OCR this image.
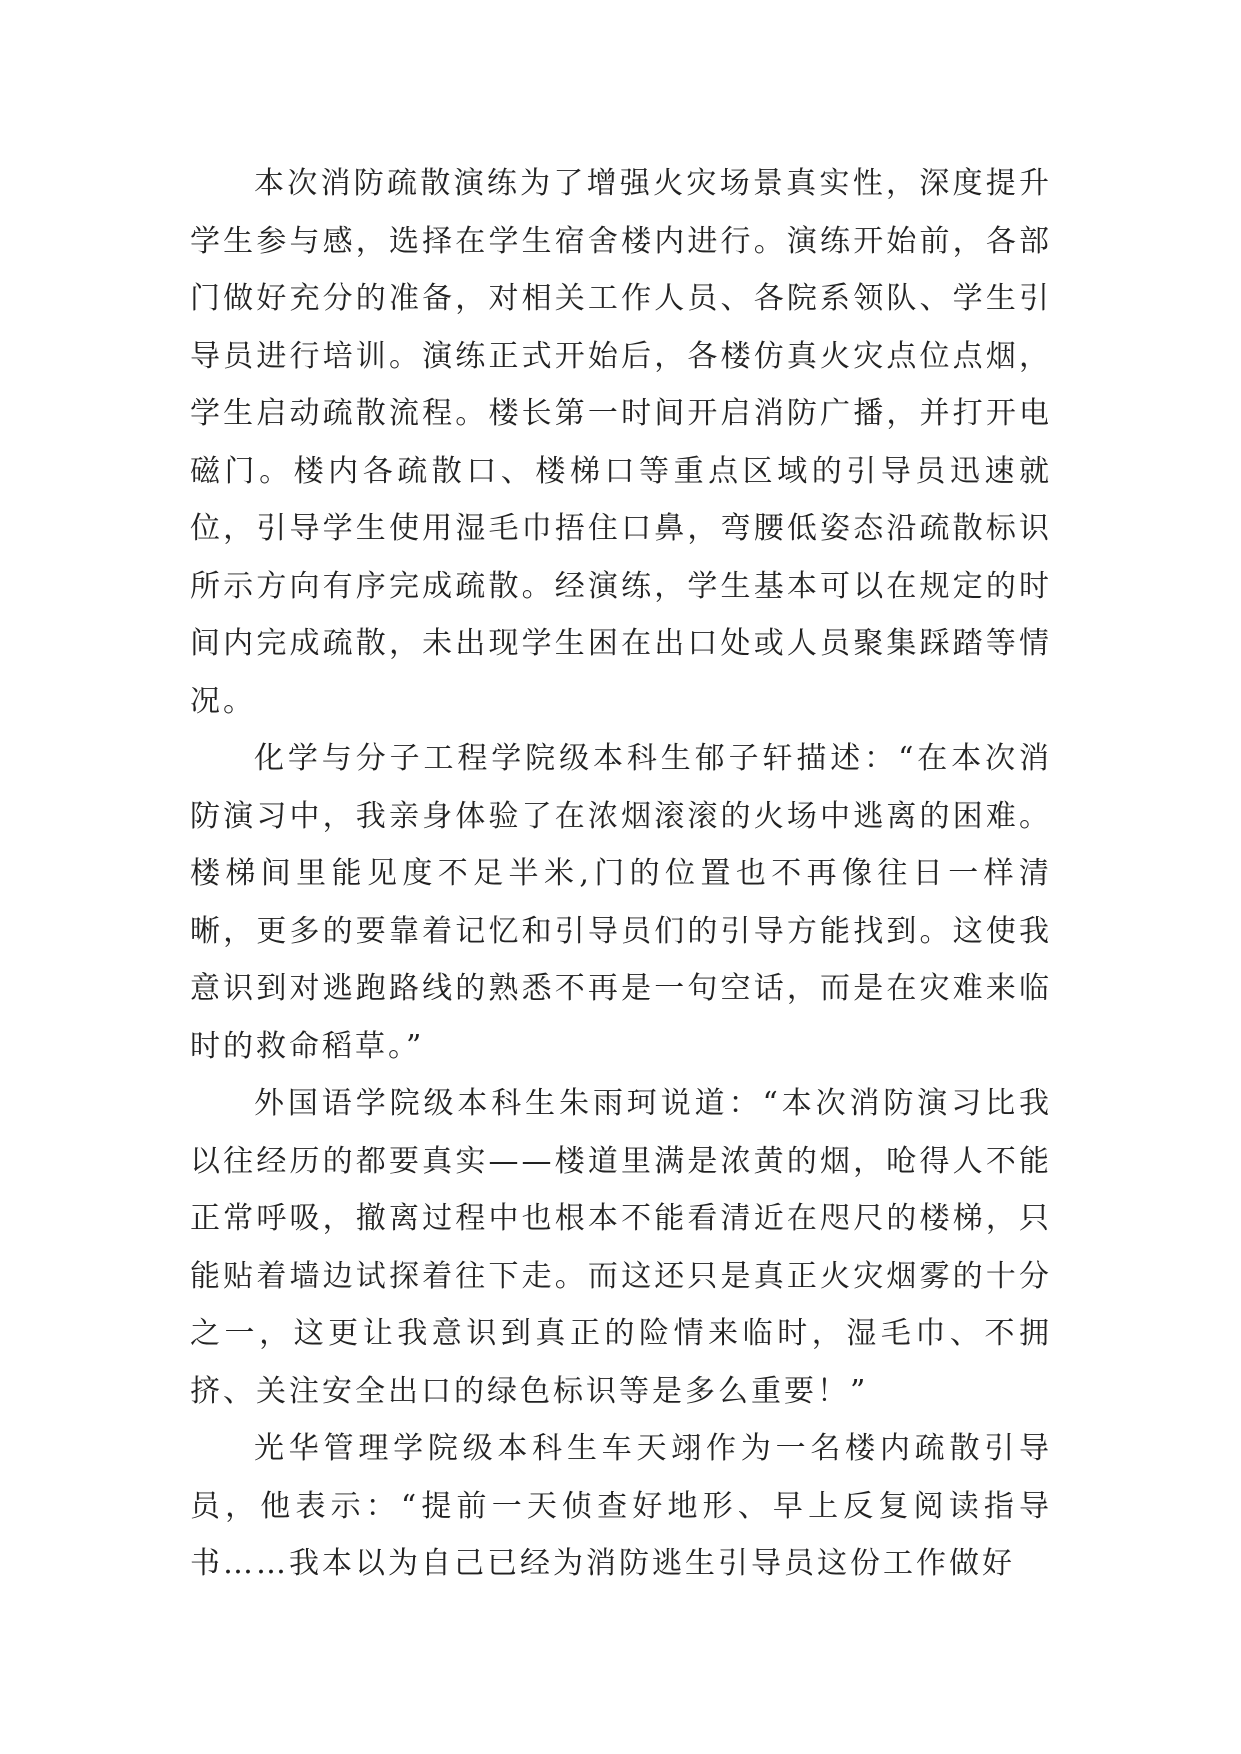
本次消防疏散演练为了增强火灾场景真实性，深度提升学生参与感，选择在学生宿舍楼内进行。演练开始前，各部门做好充分的准备，对相关工作人员、各院系领队、学生引导员进行培训。演练正式开始后，各楼仿真火灾点位点烟，学生启动疏散流程。楼长第一时间开启消防广播，并打开电磁门。楼内各疏散口、楼梯口等重点区域的引导员迅速就位，引导学生使用湿毛巾捂住口鼻，弯腰低姿态沿疏散标识所示方向有序完成疏散。经演练，学生基本可以在规定的时间内完成疏散，未出现学生困在出口处或人员聚集踩踏等情况。

化学与分子工程学院级本科生郁子轩描述：“在本次消防演习中，我亲身体验了在浓烟滚滚的火场中逃离的困难。楼梯间里能见度不足半米,门的位置也不再像往日一样清晰，更多的要靠着记忆和引导员们的引导方能找到。这使我意识到对逃跑路线的熟悉不再是一句空话，而是在灾难来临时的救命稻草。”

外国语学院级本科生朱雨珂说道：“本次消防演习比我以往经历的都要真实——楼道里满是浓黄的烟，呛得人不能正常呼吸，撤离过程中也根本不能看清近在咫尺的楼梯，只能贴着墙边试探着往下走。而这还只是真正火灾烟雾的十分之一，这更让我意识到真正的险情来临时，湿毛巾、不拥挤、关注安全出口的绿色标识等是多么重要！”

光华管理学院级本科生车天翊作为一名楼内疏散引导员，他表示：“提前一天侦查好地形、早上反复阅读指导书……我本以为自己已经为消防逃生引导员这份工作做好
